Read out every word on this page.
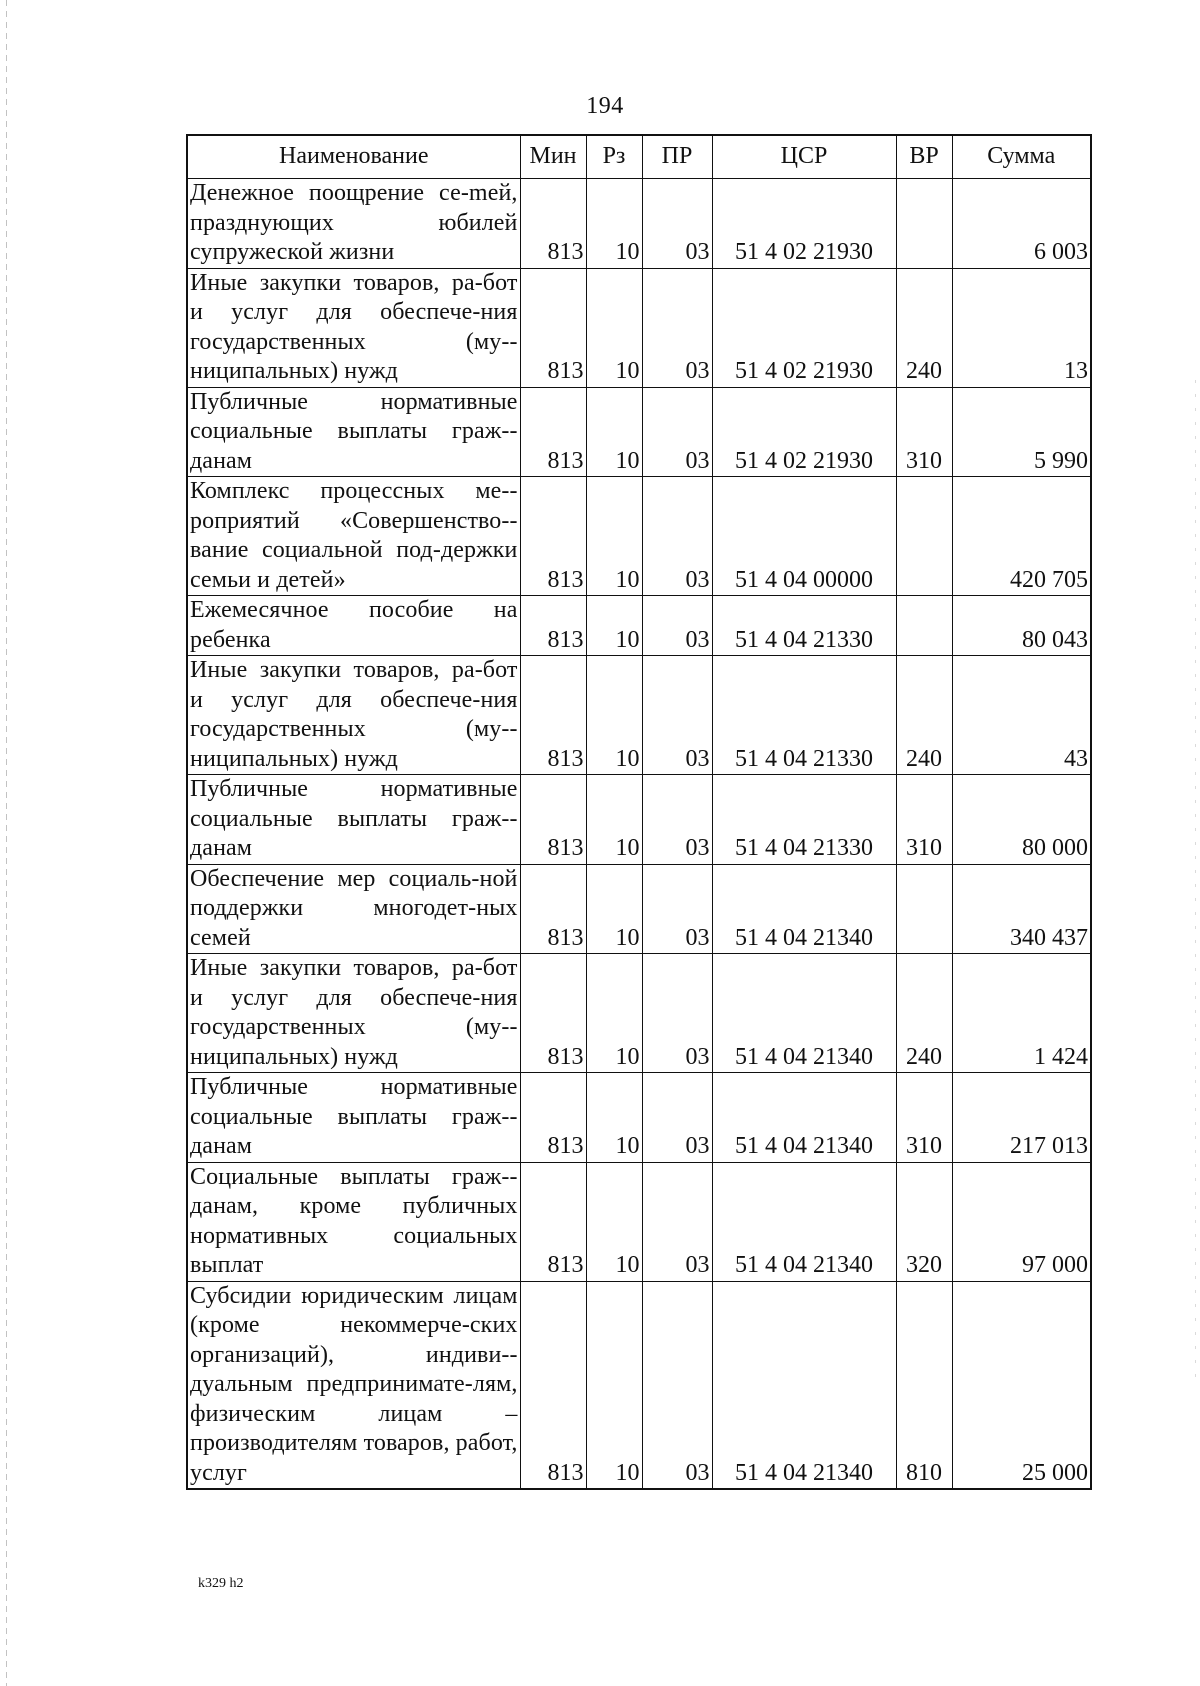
194
Наименование	Мин	Рз	ПР	ЦСР	ВР	Сумма
Денежное поощрение се-mей, празднующих юбилей супружеской жизни	813	10	03	51 4 02 21930		6 003
Иные закупки товаров, ра-бот и услуг для обеспече-ния государственных (му-ниципальных) нужд	813	10	03	51 4 02 21930	240	13
Публичные нормативные социальные выплаты граж-данам	813	10	03	51 4 02 21930	310	5 990
Комплекс процессных ме-роприятий «Совершенство-вание социальной под-держки семьи и детей»	813	10	03	51 4 04 00000		420 705
Ежемесячное пособие на ребенка	813	10	03	51 4 04 21330		80 043
Иные закупки товаров, ра-бот и услуг для обеспече-ния государственных (му-ниципальных) нужд	813	10	03	51 4 04 21330	240	43
Публичные нормативные социальные выплаты граж-данам	813	10	03	51 4 04 21330	310	80 000
Обеспечение мер социаль-ной поддержки многодет-ных семей	813	10	03	51 4 04 21340		340 437
Иные закупки товаров, ра-бот и услуг для обеспече-ния государственных (му-ниципальных) нужд	813	10	03	51 4 04 21340	240	1 424
Публичные нормативные социальные выплаты граж-данам	813	10	03	51 4 04 21340	310	217 013
Социальные выплаты граж-данам, кроме публичных нормативных социальных выплат	813	10	03	51 4 04 21340	320	97 000
Субсидии юридическим лицам (кроме некоммерче-ских организаций), индиви-дуальным предпринимате-лям, физическим лицам – производителям товаров, работ, услуг	813	10	03	51 4 04 21340	810	25 000
k329 h2
